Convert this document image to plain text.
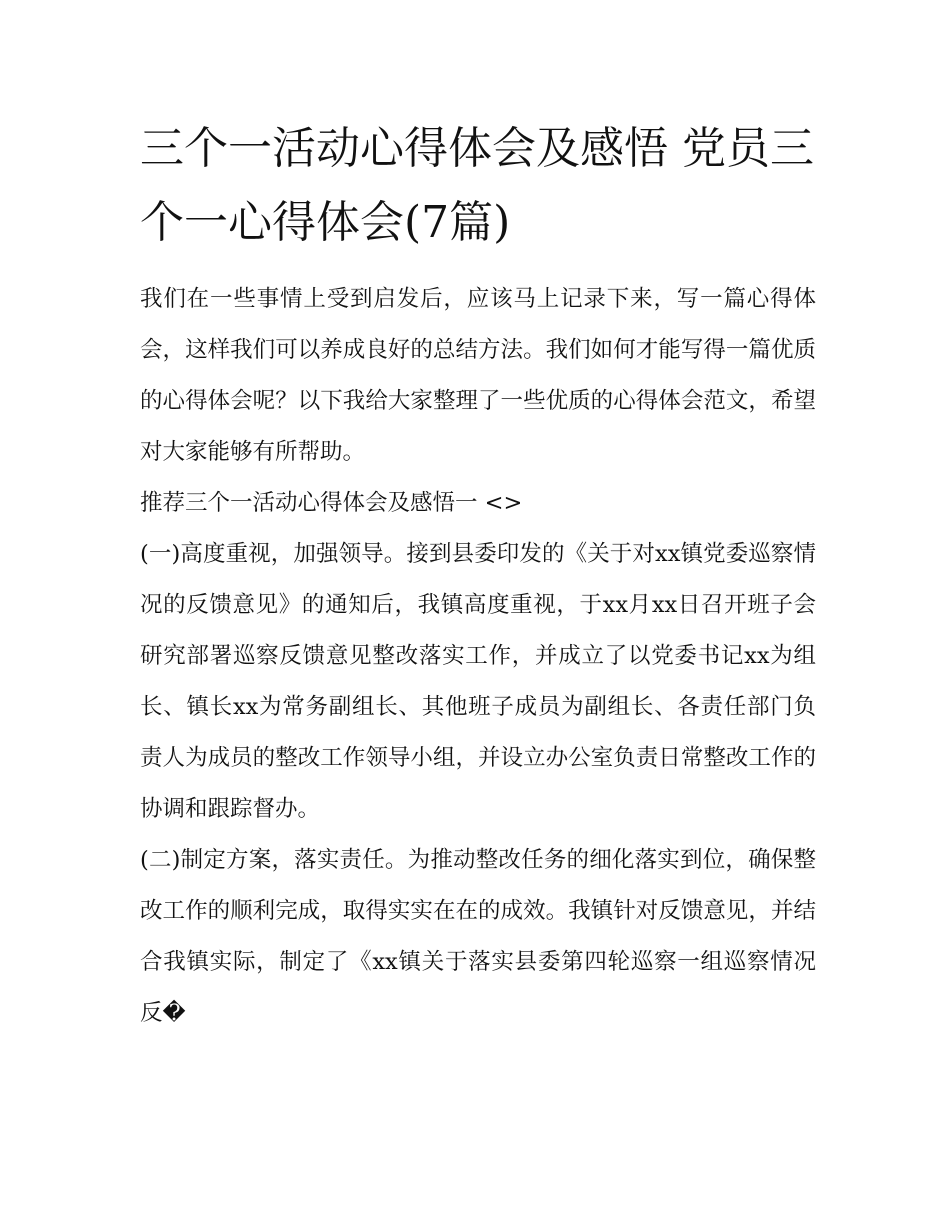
三个一活动心得体会及感悟 党员三个一心得体会(7篇)

我们在一些事情上受到启发后，应该马上记录下来，写一篇心得体会，这样我们可以养成良好的总结方法。我们如何才能写得一篇优质的心得体会呢？以下我给大家整理了一些优质的心得体会范文，希望对大家能够有所帮助。

推荐三个一活动心得体会及感悟一 <>

(一)高度重视，加强领导。接到县委印发的《关于对xx镇党委巡察情况的反馈意见》的通知后，我镇高度重视，于xx月xx日召开班子会研究部署巡察反馈意见整改落实工作，并成立了以党委书记xx为组长、镇长xx为常务副组长、其他班子成员为副组长、各责任部门负责人为成员的整改工作领导小组，并设立办公室负责日常整改工作的协调和跟踪督办。

(二)制定方案，落实责任。为推动整改任务的细化落实到位，确保整改工作的顺利完成，取得实实在在的成效。我镇针对反馈意见，并结合我镇实际，制定了《xx镇关于落实县委第四轮巡察一组巡察情况反�
